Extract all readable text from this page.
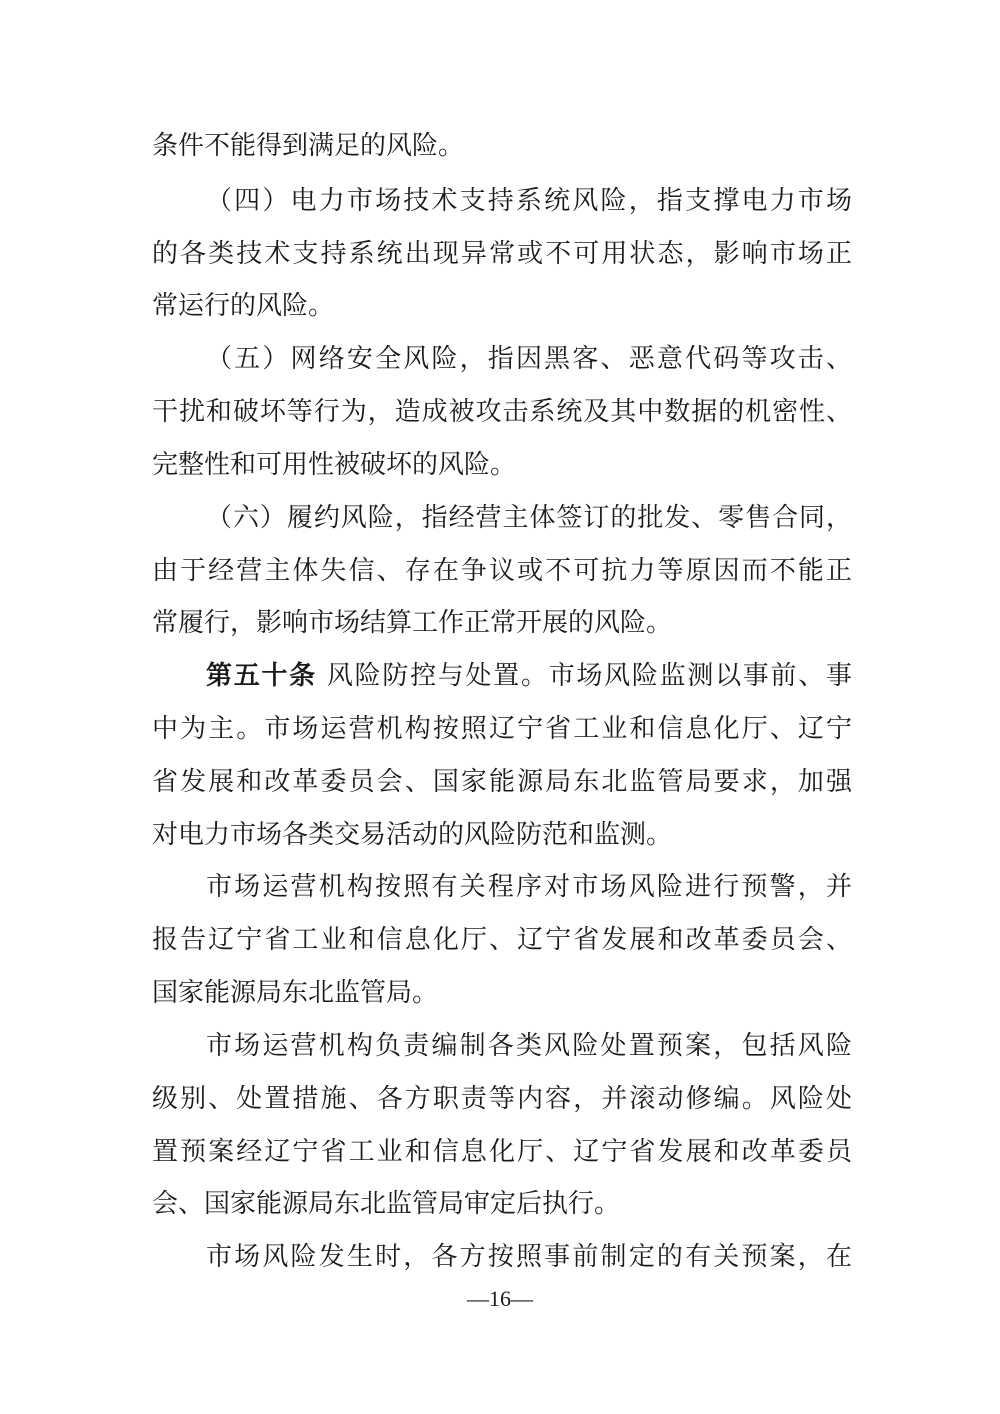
条件不能得到满足的风险。
（四）电力市场技术支持系统风险，指支撑电力市场
的各类技术支持系统出现异常或不可用状态，影响市场正
常运行的风险。
（五）网络安全风险，指因黑客、恶意代码等攻击、
干扰和破坏等行为，造成被攻击系统及其中数据的机密性、
完整性和可用性被破坏的风险。
（六）履约风险，指经营主体签订的批发、零售合同，
由于经营主体失信、存在争议或不可抗力等原因而不能正
常履行，影响市场结算工作正常开展的风险。
第五十条 风险防控与处置。市场风险监测以事前、事
中为主。市场运营机构按照辽宁省工业和信息化厅、辽宁
省发展和改革委员会、国家能源局东北监管局要求，加强
对电力市场各类交易活动的风险防范和监测。
市场运营机构按照有关程序对市场风险进行预警，并
报告辽宁省工业和信息化厅、辽宁省发展和改革委员会、
国家能源局东北监管局。
市场运营机构负责编制各类风险处置预案，包括风险
级别、处置措施、各方职责等内容，并滚动修编。风险处
置预案经辽宁省工业和信息化厅、辽宁省发展和改革委员
会、国家能源局东北监管局审定后执行。
市场风险发生时，各方按照事前制定的有关预案，在
—16—
